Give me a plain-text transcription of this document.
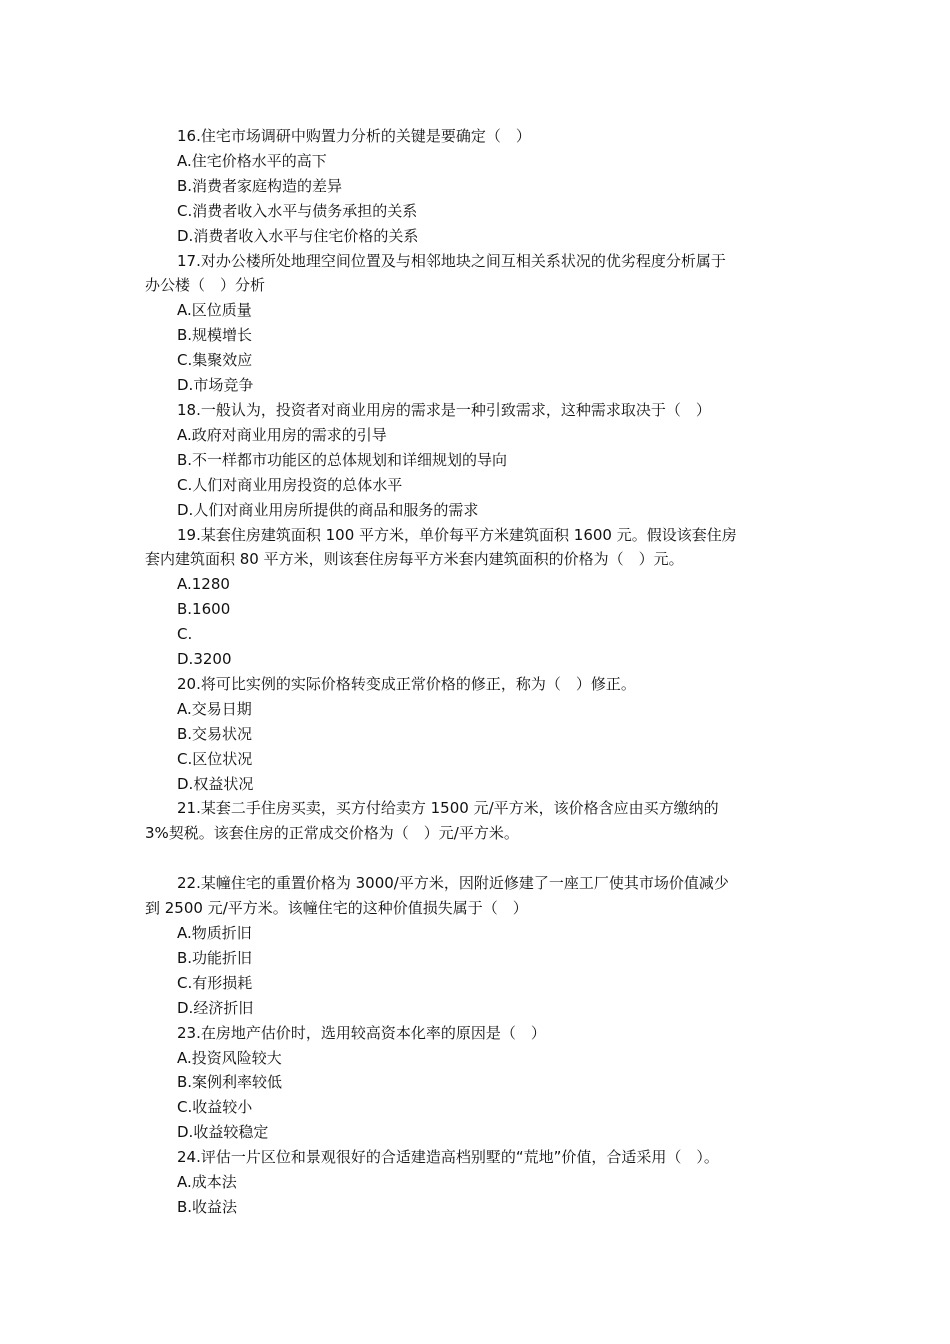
16.住宅市场调研中购置力分析的关键是要确定（　）
A.住宅价格水平的高下
B.消费者家庭构造的差异
C.消费者收入水平与债务承担的关系
D.消费者收入水平与住宅价格的关系
17.对办公楼所处地理空间位置及与相邻地块之间互相关系状况的优劣程度分析属于
办公楼（　）分析
A.区位质量
B.规模增长
C.集聚效应
D.市场竞争
18.一般认为，投资者对商业用房的需求是一种引致需求，这种需求取决于（　）
A.政府对商业用房的需求的引导
B.不一样都市功能区的总体规划和详细规划的导向
C.人们对商业用房投资的总体水平
D.人们对商业用房所提供的商品和服务的需求
19.某套住房建筑面积 100 平方米，单价每平方米建筑面积 1600 元。假设该套住房
套内建筑面积 80 平方米，则该套住房每平方米套内建筑面积的价格为（　）元。
A.1280
B.1600
C.
D.3200
20.将可比实例的实际价格转变成正常价格的修正，称为（　）修正。
A.交易日期
B.交易状况
C.区位状况
D.权益状况
21.某套二手住房买卖，买方付给卖方 1500 元/平方米，该价格含应由买方缴纳的
3%契税。该套住房的正常成交价格为（　）元/平方米。
22.某幢住宅的重置价格为 3000/平方米，因附近修建了一座工厂使其市场价值减少
到 2500 元/平方米。该幢住宅的这种价值损失属于（　）
A.物质折旧
B.功能折旧
C.有形损耗
D.经济折旧
23.在房地产估价时，选用较高资本化率的原因是（　）
A.投资风险较大
B.案例利率较低
C.收益较小
D.收益较稳定
24.评估一片区位和景观很好的合适建造高档别墅的“荒地”价值，合适采用（　）。
A.成本法
B.收益法
